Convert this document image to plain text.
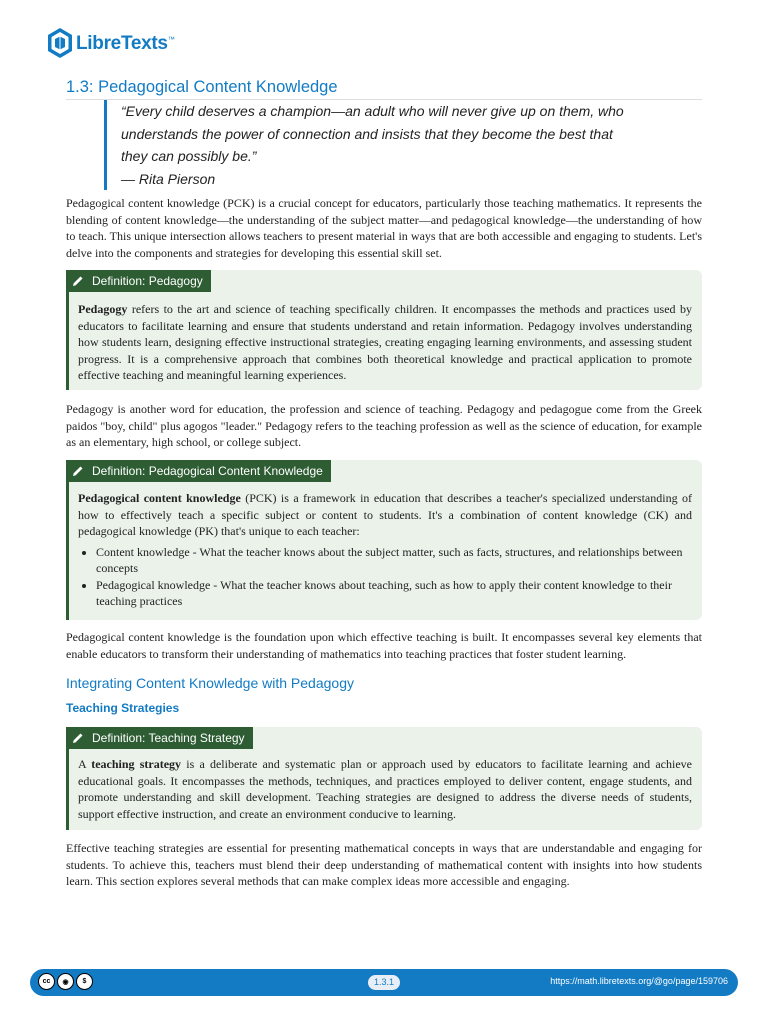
LibreTexts™
1.3: Pedagogical Content Knowledge

“Every child deserves a champion—an adult who will never give up on them, who

understands the power of connection and insists that they become the best that

they can possibly be.”

— Rita Pierson

Pedagogical content knowledge (PCK) is a crucial concept for educators, particularly those teaching mathematics. It represents the blending of content knowledge—the understanding of the subject matter—and pedagogical knowledge—the understanding of how to teach. This unique intersection allows teachers to present material in ways that are both accessible and engaging to students. Let's delve into the components and strategies for developing this essential skill set.

Definition: Pedagogy

Pedagogy refers to the art and science of teaching specifically children. It encompasses the methods and practices used by educators to facilitate learning and ensure that students understand and retain information. Pedagogy involves understanding how students learn, designing effective instructional strategies, creating engaging learning environments, and assessing student progress. It is a comprehensive approach that combines both theoretical knowledge and practical application to promote effective teaching and meaningful learning experiences.

Pedagogy is another word for education, the profession and science of teaching. Pedagogy and pedagogue come from the Greek paidos "boy, child" plus agogos "leader." Pedagogy refers to the teaching profession as well as the science of education, for example as an elementary, high school, or college subject.

Definition: Pedagogical Content Knowledge

Pedagogical content knowledge (PCK) is a framework in education that describes a teacher's specialized understanding of how to effectively teach a specific subject or content to students. It's a combination of content knowledge (CK) and pedagogical knowledge (PK) that's unique to each teacher:

• Content knowledge - What the teacher knows about the subject matter, such as facts, structures, and relationships between concepts
• Pedagogical knowledge - What the teacher knows about teaching, such as how to apply their content knowledge to their teaching practices

Pedagogical content knowledge is the foundation upon which effective teaching is built. It encompasses several key elements that enable educators to transform their understanding of mathematics into teaching practices that foster student learning.

Integrating Content Knowledge with Pedagogy
Teaching Strategies
Definition: Teaching Strategy

A teaching strategy is a deliberate and systematic plan or approach used by educators to facilitate learning and achieve educational goals. It encompasses the methods, techniques, and practices employed to deliver content, engage students, and promote understanding and skill development. Teaching strategies are designed to address the diverse needs of students, support effective instruction, and create an environment conducive to learning.

Effective teaching strategies are essential for presenting mathematical concepts in ways that are understandable and engaging for students. To achieve this, teachers must blend their deep understanding of mathematical content with insights into how students learn. This section explores several methods that can make complex ideas more accessible and engaging.

cc	◉	$	1.3.1	https://math.libretexts.org/@go/page/159706
